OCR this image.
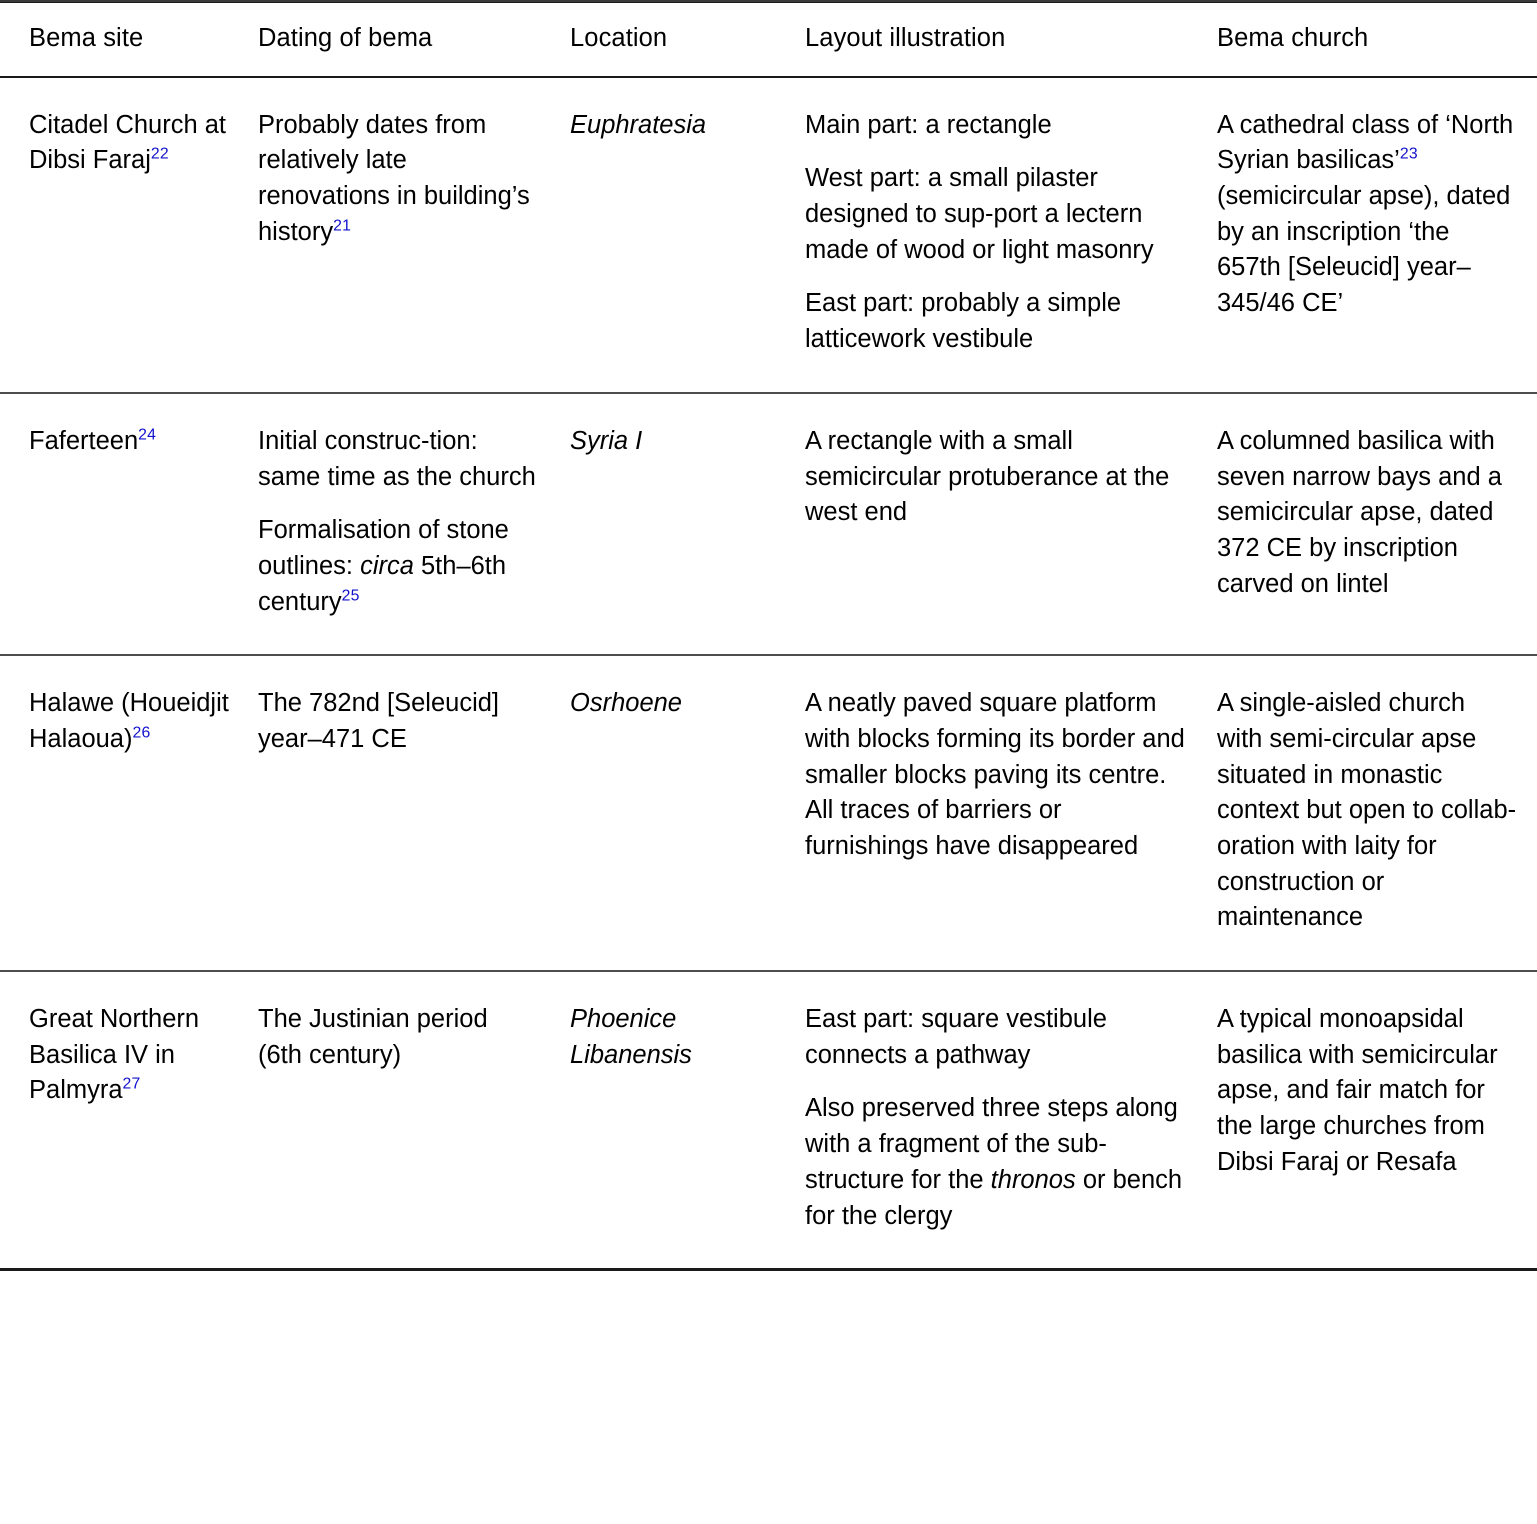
Bema site	Dating of bema	Location	Layout illustration	Bema church

Citadel Church at Dibsi Faraj$^{22}$	Probably dates from relatively late renovations in building’s history$^{21}$	Euphratesia	Main part: a rectangle

West part: a small pilaster designed to sup-port a lectern made of wood or light masonry

East part: probably a simple latticework vestibule	A cathedral class of ‘North Syrian basilicas’$^{23}$ (semicircular apse), dated by an inscription ‘the 657th [Seleucid] year–345/46 CE’

Faferteen$^{24}$	Initial construc-tion: same time as the church

Formalisation of stone outlines: circa 5th–6th century$^{25}$	Syria I	A rectangle with a small semicircular protuberance at the west end	A columned basilica with seven narrow bays and a semicircular apse, dated 372 CE by inscription carved on lintel

Halawe (Houeidjit Halaoua)$^{26}$	The 782nd [Seleucid] year–471 CE	Osrhoene	A neatly paved square platform with blocks forming its border and smaller blocks paving its centre. All traces of barriers or furnishings have disappeared	A single-aisled church with semi-circular apse situated in monastic context but open to collab-oration with laity for construction or maintenance

Great Northern Basilica IV in Palmyra$^{27}$	The Justinian period (6th century)	Phoenice Libanensis	East part: square vestibule connects a pathway

Also preserved three steps along with a fragment of the sub-structure for the thronos or bench for the clergy	A typical monoapsidal basilica with semicircular apse, and fair match for the large churches from Dibsi Faraj or Resafa
